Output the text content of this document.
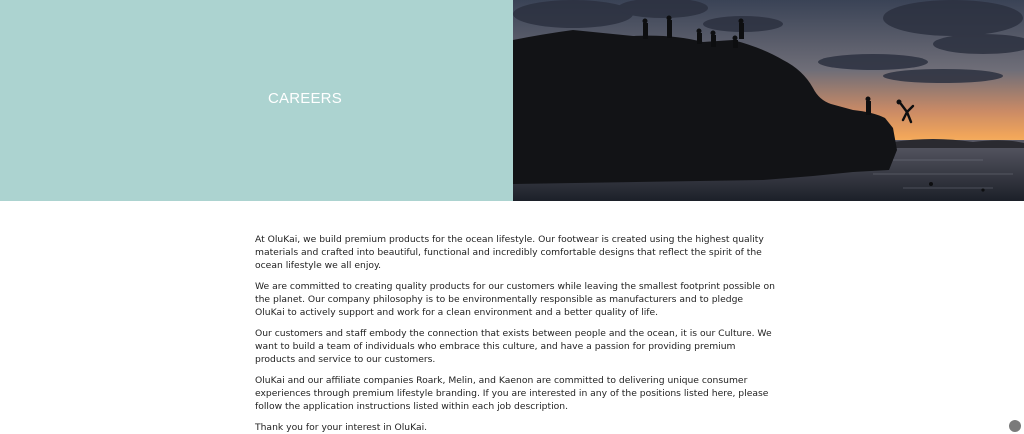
CAREERS

At OluKai, we build premium products for the ocean lifestyle. Our footwear is created using the highest quality materials and crafted into beautiful, functional and incredibly comfortable designs that reflect the spirit of the ocean lifestyle we all enjoy.

We are committed to creating quality products for our customers while leaving the smallest footprint possible on the planet. Our company philosophy is to be environmentally responsible as manufacturers and to pledge OluKai to actively support and work for a clean environment and a better quality of life.

Our customers and staff embody the connection that exists between people and the ocean, it is our Culture. We want to build a team of individuals who embrace this culture, and have a passion for providing premium products and service to our customers.

OluKai and our affiliate companies Roark, Melin, and Kaenon are committed to delivering unique consumer experiences through premium lifestyle branding. If you are interested in any of the positions listed here, please follow the application instructions listed within each job description.

Thank you for your interest in OluKai.
